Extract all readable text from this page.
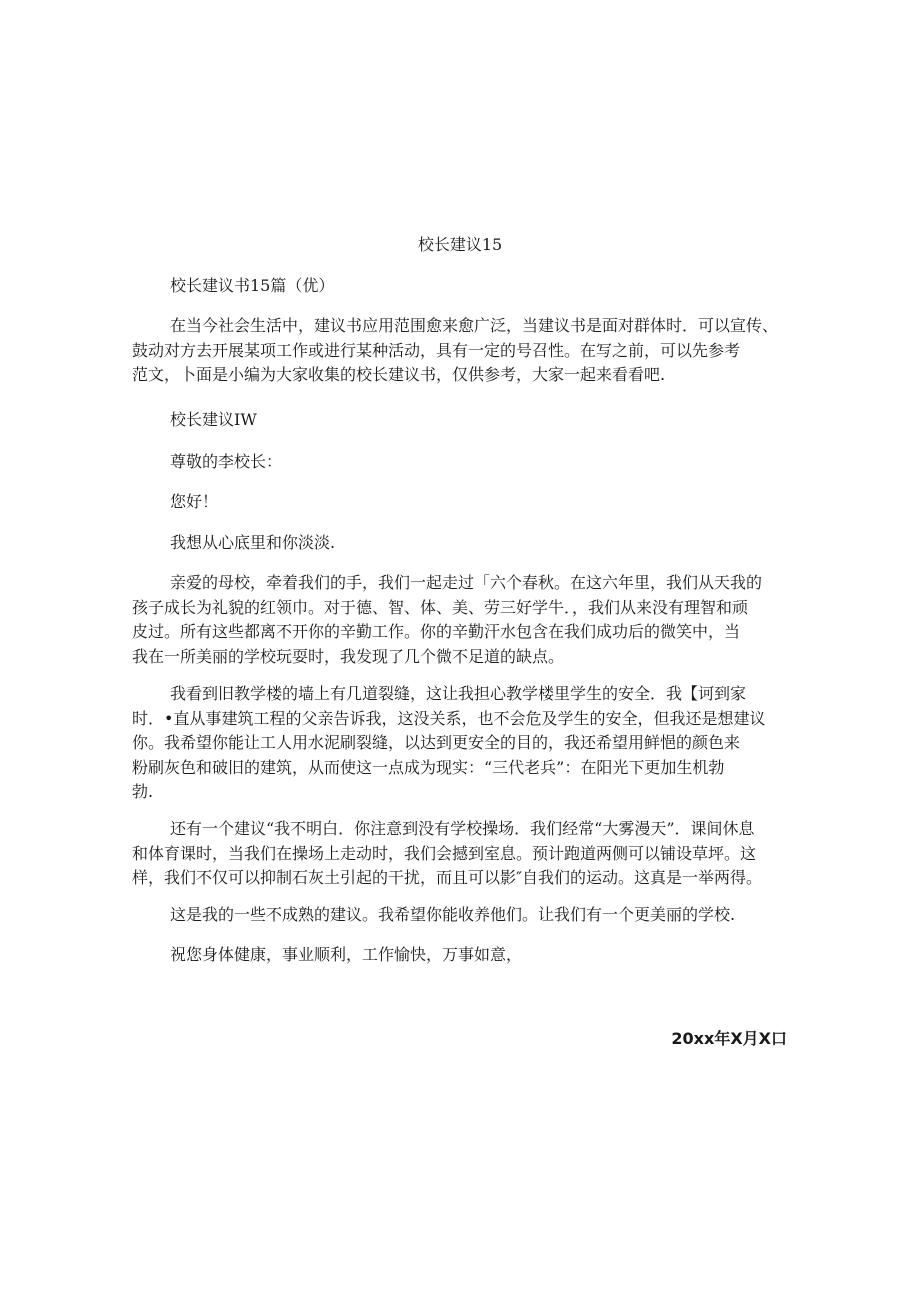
校长建议15
校长建议书15篇（优）
在当今社会生活中，建议书应用范围愈来愈广泛，当建议书是面对群体时．可以宣传、
鼓动对方去开展某项工作或进行某种活动，具有一定的号召性。在写之前，可以先参考
范文，卜面是小编为大家收集的校长建议书，仅供参考，大家一起来看看吧.
校长建议IW
尊敬的李校长：
您好！
我想从心底里和你淡淡.
亲爱的母校，牵着我们的手，我们一起走过「六个春秋。在这六年里，我们从天我的
孩子成长为礼貌的红领巾。对于德、智、体、美、劳三好学牛．，我们从来没有理智和顽
皮过。所有这些都离不开你的辛勤工作。你的辛勤汗水包含在我们成功后的微笑中，当
我在一所美丽的学校玩耍时，我发现了几个微不足道的缺点。
我看到旧教学楼的墙上有几道裂缝，这让我担心教学楼里学生的安全．我【诃到家
时．•直从事建筑工程的父亲告诉我，这没关系，也不会危及学生的安全，但我还是想建议
你。我希望你能让工人用水泥刷裂缝，以达到更安全的目的，我还希望用鲜悒的颜色来
粉刷灰色和破旧的建筑，从而使这一点成为现实：“三代老兵”：在阳光下更加生机勃
勃.
还有一个建议“我不明白．你注意到没有学校操场．我们经常“大雾漫天”．课间休息
和体育课时，当我们在操场上走动时，我们会撼到室息。预计跑道两侧可以铺设草坪。这
样，我们不仅可以抑制石灰土引起的干扰，而且可以影″自我们的运动。这真是一举两得。
这是我的一些不成熟的建议。我希望你能收养他们。让我们有一个更美丽的学校.
祝您身体健康，事业顺利，工作愉快，万事如意，
20xx年X月X口
